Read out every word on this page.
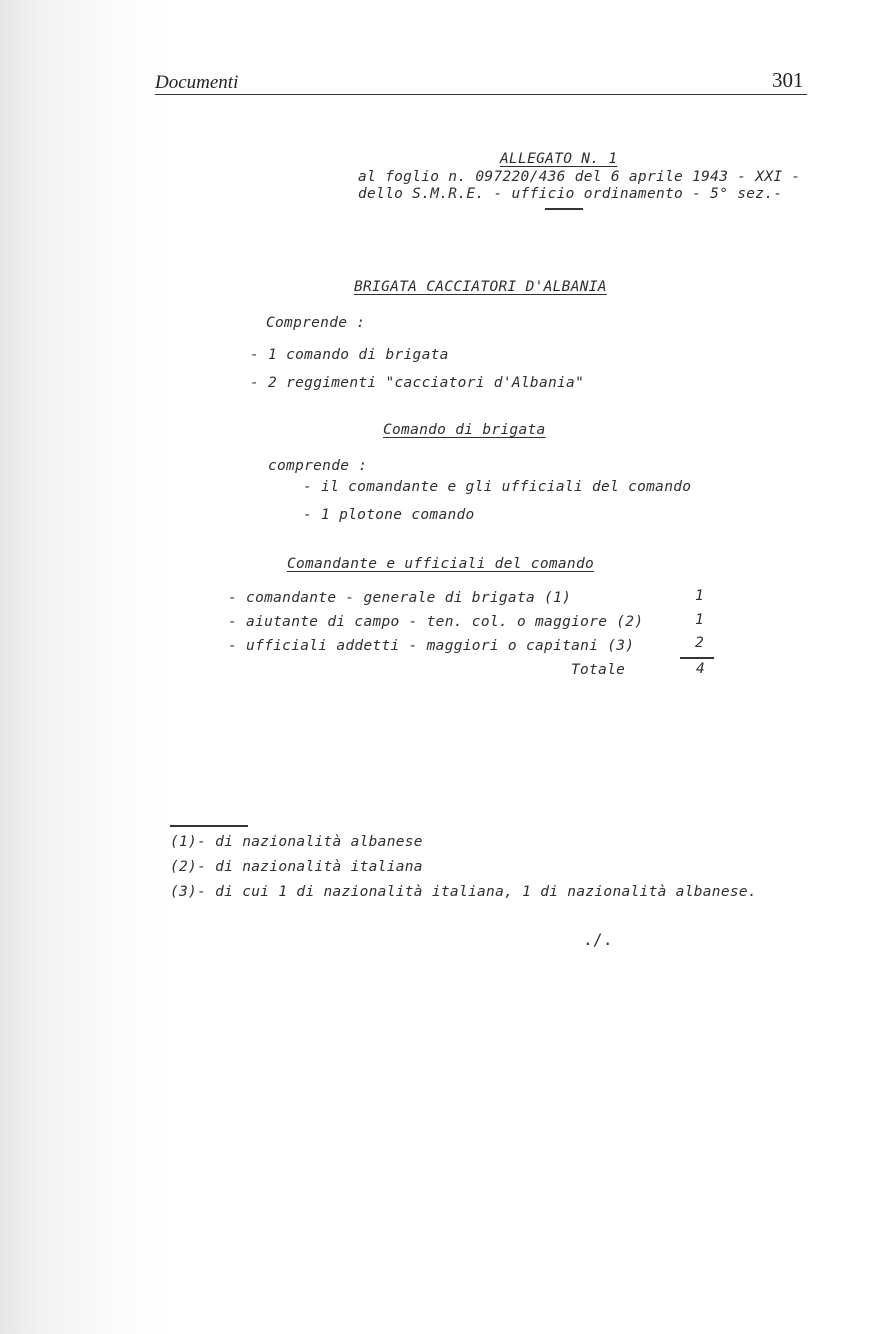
Documenti	301
ALLEGATO N. 1
al foglio n. 097220/436 del 6 aprile 1943 - XXI -
dello S.M.R.E. - ufficio ordinamento - 5° sez.-
BRIGATA CACCIATORI D'ALBANIA
Comprende :
- 1 comando di brigata
- 2 reggimenti "cacciatori d'Albania"
Comando di brigata
comprende :
- il comandante e gli ufficiali del comando
- 1 plotone comando
Comandante e ufficiali del comando
- comandante - generale di brigata (1)	1
- aiutante di campo - ten. col. o maggiore (2)	1
- ufficiali addetti - maggiori o capitani (3)	2
Totale	4
(1)- di nazionalità albanese
(2)- di nazionalità italiana
(3)- di cui 1 di nazionalità italiana, 1 di nazionalità albanese.
./.
